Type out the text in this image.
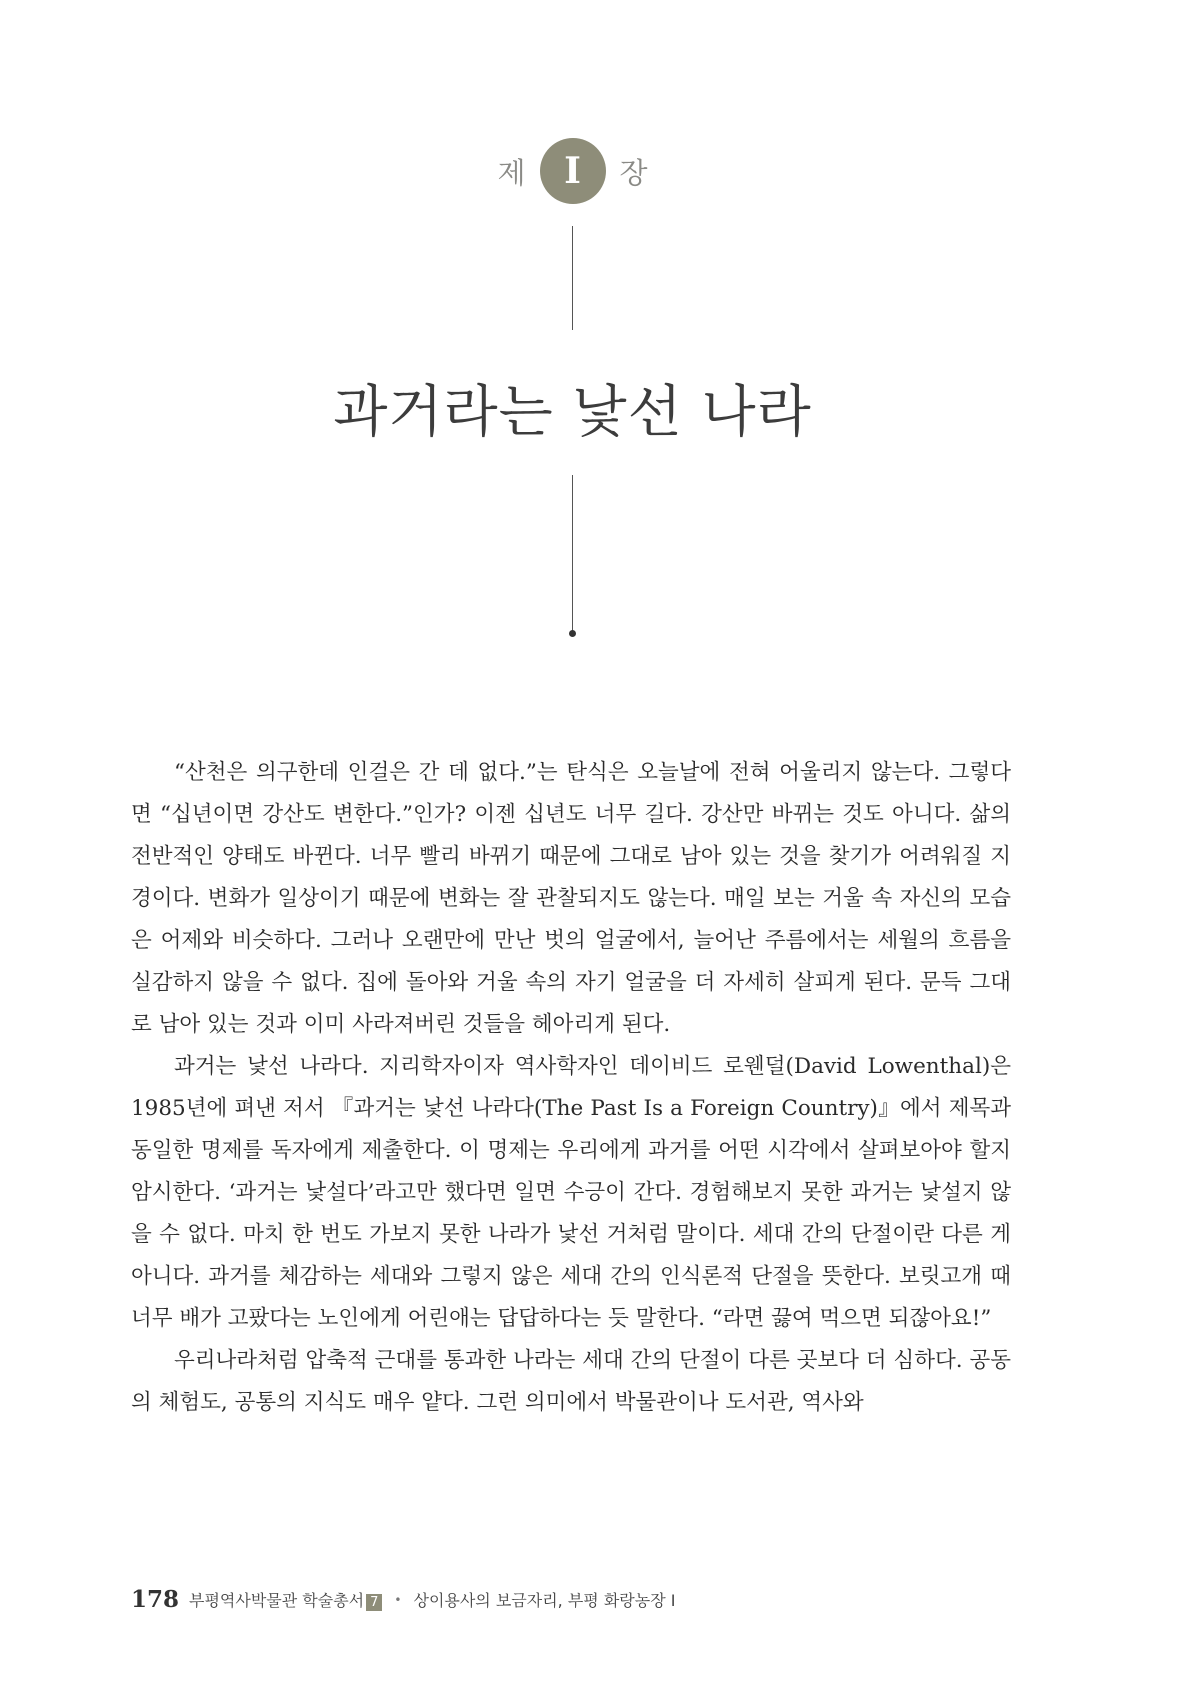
제	I	장
과거라는 낯선 나라

“산천은 의구한데 인걸은 간 데 없다.”는 탄식은 오늘날에 전혀 어울리지 않는다. 그렇다면 “십년이면 강산도 변한다.”인가? 이젠 십년도 너무 길다. 강산만 바뀌는 것도 아니다. 삶의 전반적인 양태도 바뀐다. 너무 빨리 바뀌기 때문에 그대로 남아 있는 것을 찾기가 어려워질 지경이다. 변화가 일상이기 때문에 변화는 잘 관찰되지도 않는다. 매일 보는 거울 속 자신의 모습은 어제와 비슷하다. 그러나 오랜만에 만난 벗의 얼굴에서, 늘어난 주름에서는 세월의 흐름을 실감하지 않을 수 없다. 집에 돌아와 거울 속의 자기 얼굴을 더 자세히 살피게 된다. 문득 그대로 남아 있는 것과 이미 사라져버린 것들을 헤아리게 된다.

과거는 낯선 나라다. 지리학자이자 역사학자인 데이비드 로웬덜(David Lowenthal)은 1985년에 펴낸 저서 『과거는 낯선 나라다(The Past Is a Foreign Country)』에서 제목과 동일한 명제를 독자에게 제출한다. 이 명제는 우리에게 과거를 어떤 시각에서 살펴보아야 할지 암시한다. ‘과거는 낯설다’라고만 했다면 일면 수긍이 간다. 경험해보지 못한 과거는 낯설지 않을 수 없다. 마치 한 번도 가보지 못한 나라가 낯선 거처럼 말이다. 세대 간의 단절이란 다른 게 아니다. 과거를 체감하는 세대와 그렇지 않은 세대 간의 인식론적 단절을 뜻한다. 보릿고개 때 너무 배가 고팠다는 노인에게 어린애는 답답하다는 듯 말한다. “라면 끓여 먹으면 되잖아요!”

우리나라처럼 압축적 근대를 통과한 나라는 세대 간의 단절이 다른 곳보다 더 심하다. 공동의 체험도, 공통의 지식도 매우 얕다. 그런 의미에서 박물관이나 도서관, 역사와

178 부평역사박물관 학술총서 7	• 상이용사의 보금자리, 부평 화랑농장 I
